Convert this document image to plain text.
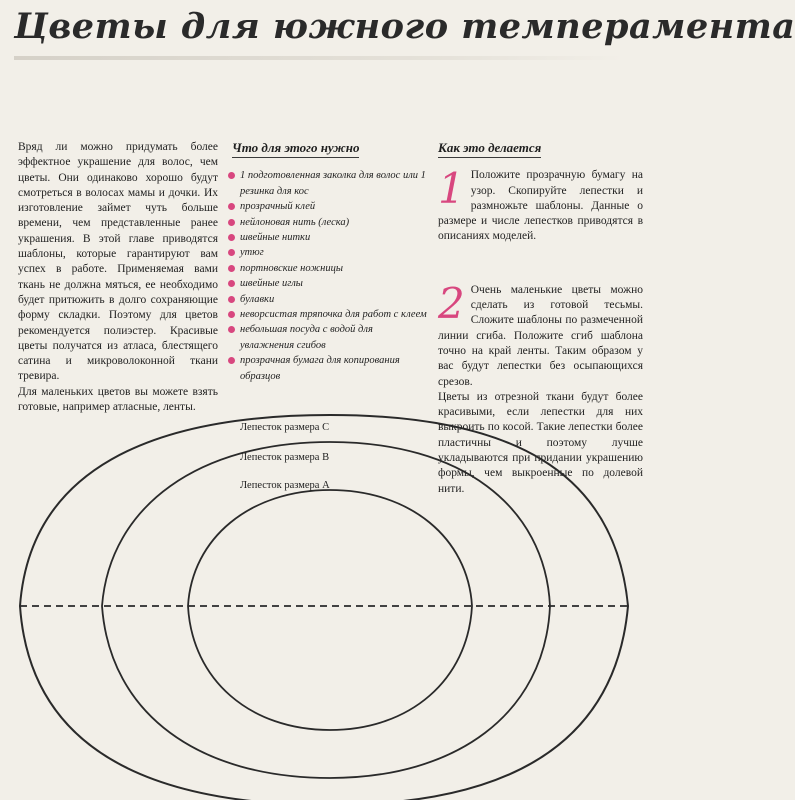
Цветы для южного темперамента

Вряд ли можно придумать более эффектное украшение для волос, чем цветы. Они одинаково хорошо будут смотреться в волосах мамы и дочки. Их изготовление займет чуть больше времени, чем представленные ранее украшения. В этой главе приводятся шаблоны, которые гарантируют вам успех в работе. Применяемая вами ткань не должна мяться, ее необходимо будет притюжить в долго сохраняющие форму складки. Поэтому для цветов рекомендуется полиэстер. Красивые цветы получатся из атласа, блестящего сатина и микроволоконной ткани тревира.

Для маленьких цветов вы можете взять готовые, например атласные, ленты.

Что для этого нужно
1 подготовленная заколка для волос или 1 резинка для кос
прозрачный клей
нейлоновая нить (леска)
швейные нитки
утюг
портновские ножницы
швейные иглы
булавки
неворсистая тряпочка для работ с клеем
небольшая посуда с водой для увлажнения сгибов
прозрачная бумага для копирования образцов
Как это делается
1 Положите прозрачную бумагу на узор. Скопируйте лепестки и размножьте шаблоны. Данные о размере и числе лепестков приводятся в описаниях моделей.

2 Очень маленькие цветы можно сделать из готовой тесьмы. Сложите шаблоны по размеченной линии сгиба. Положите сгиб шаблона точно на край ленты. Таким образом у вас будут лепестки без осыпающихся срезов.

Цветы из отрезной ткани будут более красивыми, если лепестки для них выкроить по косой. Такие лепестки более пластичны и поэтому лучше укладываются при придании украшению формы, чем выкроенные по долевой нити.

Лепесток размера С
Лепесток размера В
Лепесток размера А
